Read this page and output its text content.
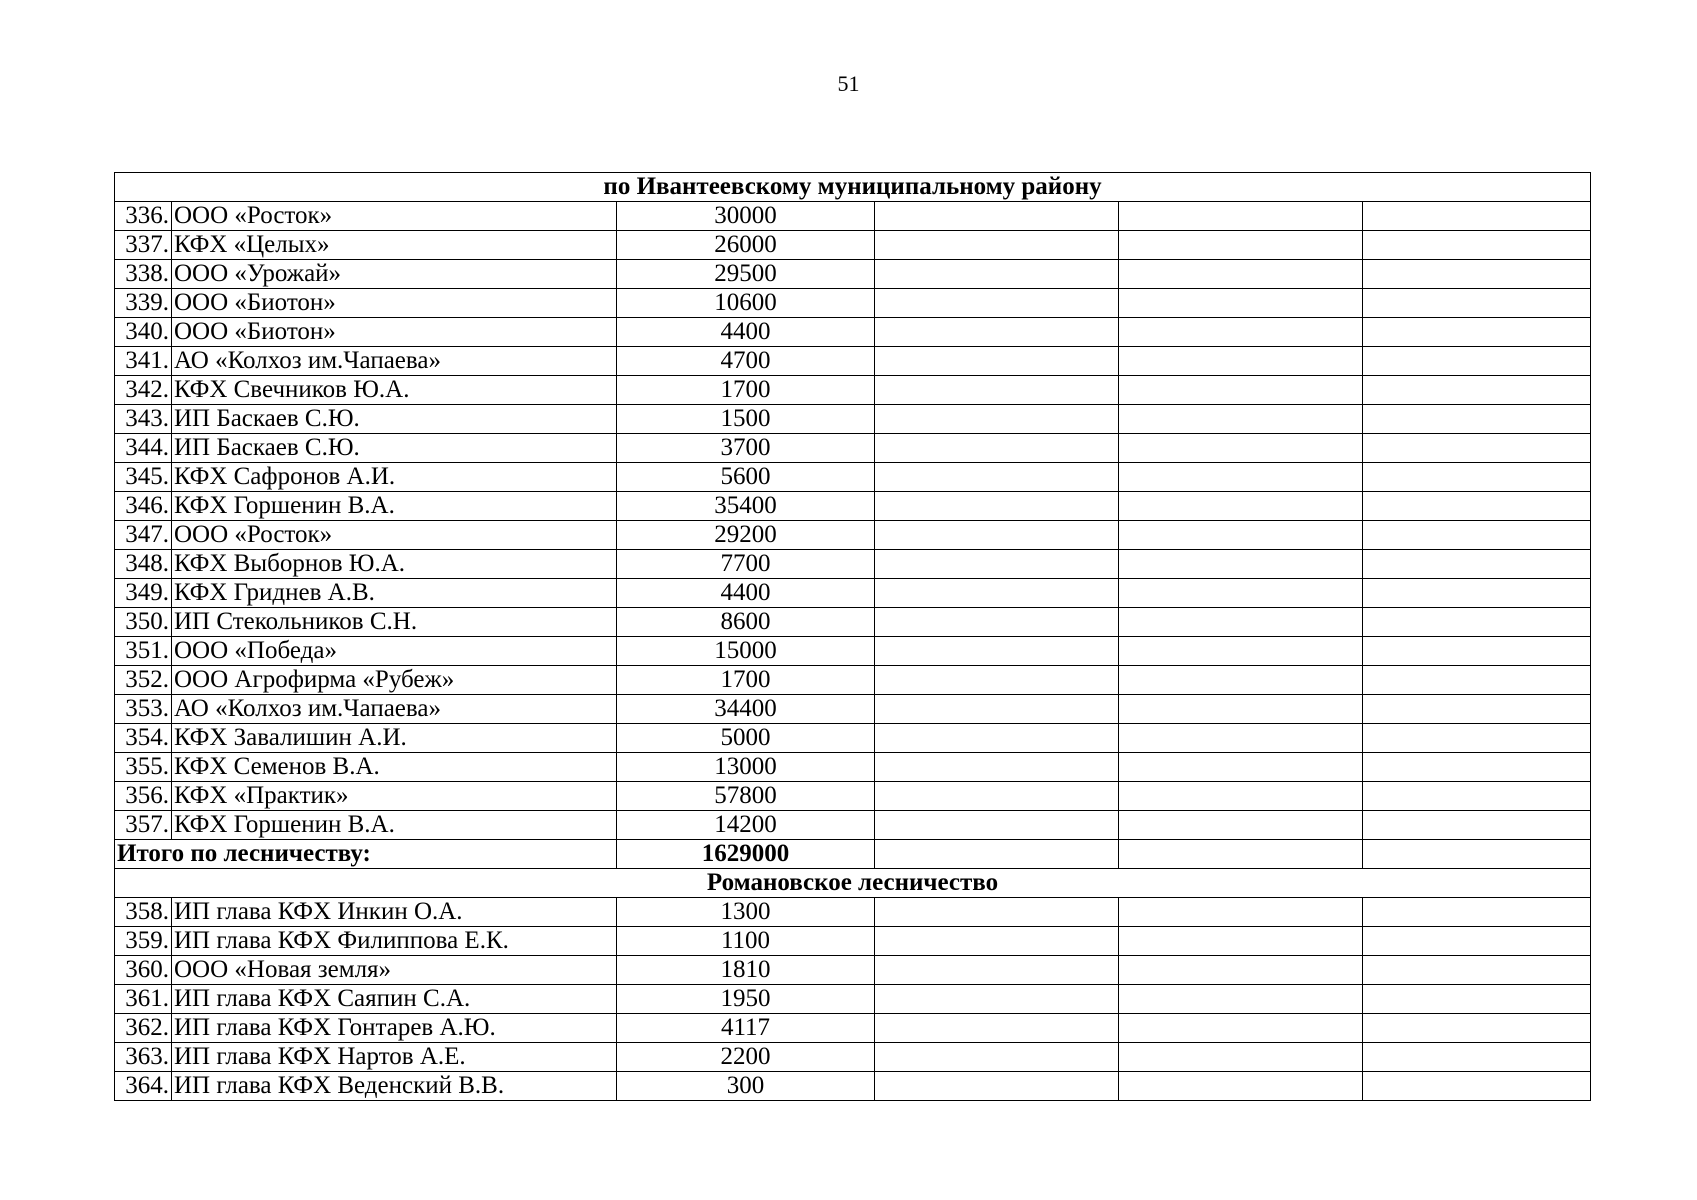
51
по Ивантеевскому муниципальному району					
336.	ООО «Росток»	30000			
337.	КФХ «Целых»	26000			
338.	ООО «Урожай»	29500			
339.	ООО «Биотон»	10600			
340.	ООО «Биотон»	4400			
341.	АО «Колхоз им.Чапаева»	4700			
342.	КФХ Свечников Ю.А.	1700			
343.	ИП Баскаев С.Ю.	1500			
344.	ИП Баскаев С.Ю.	3700			
345.	КФХ Сафронов А.И.	5600			
346.	КФХ Горшенин В.А.	35400			
347.	ООО «Росток»	29200			
348.	КФХ Выборнов Ю.А.	7700			
349.	КФХ Гриднев А.В.	4400			
350.	ИП Стекольников С.Н.	8600			
351.	ООО «Победа»	15000			
352.	ООО Агрофирма «Рубеж»	1700			
353.	АО «Колхоз им.Чапаева»	34400			
354.	КФХ Завалишин А.И.	5000			
355.	КФХ Семенов В.А.	13000			
356.	КФХ «Практик»	57800			
357.	КФХ Горшенин В.А.	14200			
Итого по лесничеству:		1629000			
Романовское лесничество					
358.	ИП глава КФХ Инкин О.А.	1300			
359.	ИП глава КФХ Филиппова Е.К.	1100			
360.	ООО «Новая земля»	1810			
361.	ИП глава КФХ Саяпин С.А.	1950			
362.	ИП глава КФХ Гонтарев А.Ю.	4117			
363.	ИП глава КФХ Нартов А.Е.	2200			
364.	ИП глава КФХ Веденский В.В.	300			
